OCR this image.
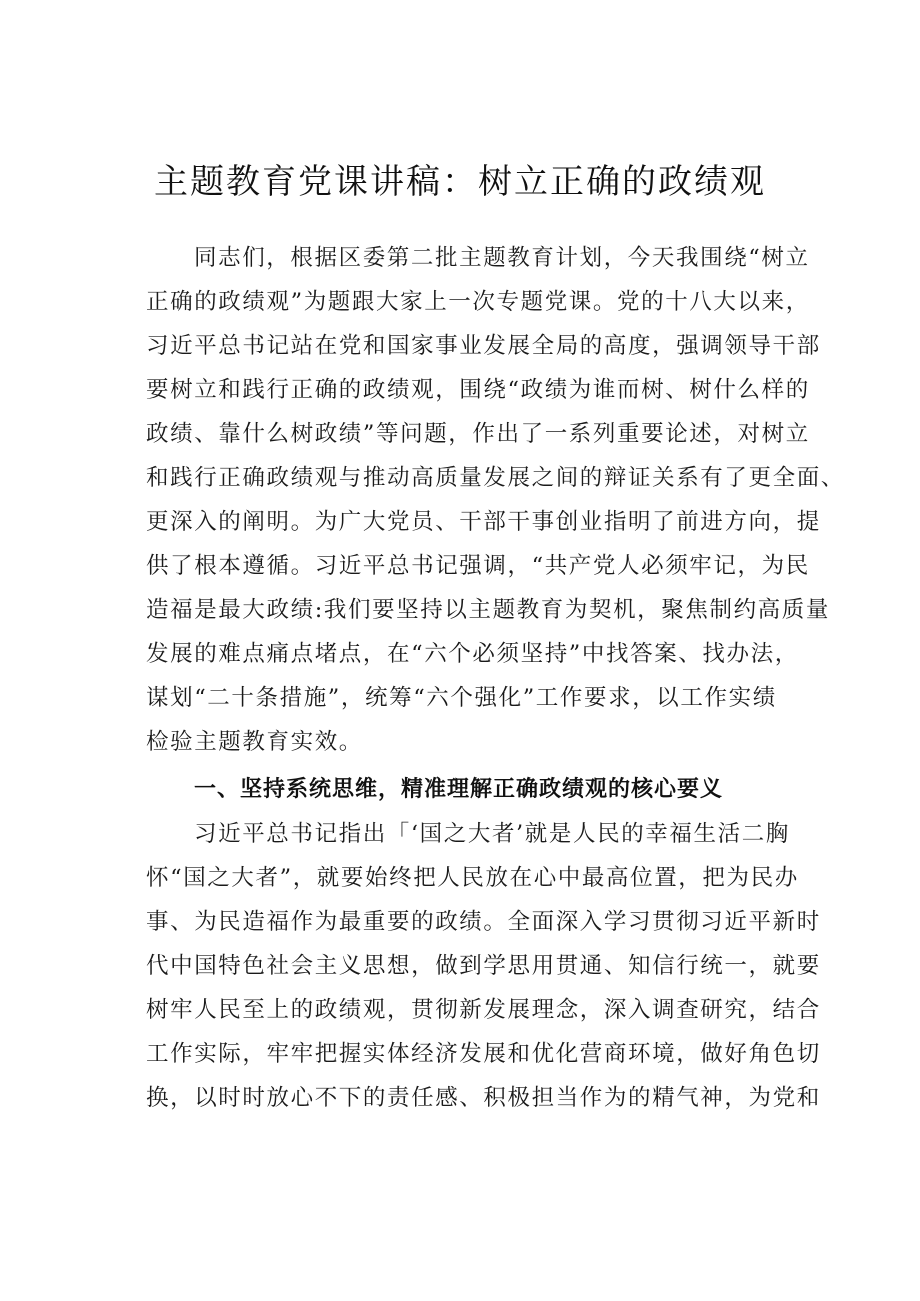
主题教育党课讲稿：树立正确的政绩观
同志们，根据区委第二批主题教育计划，今天我围绕“树立
正确的政绩观”为题跟大家上一次专题党课。党的十八大以来，
习近平总书记站在党和国家事业发展全局的高度，强调领导干部
要树立和践行正确的政绩观，围绕“政绩为谁而树、树什么样的
政绩、靠什么树政绩”等问题，作出了一系列重要论述，对树立
和践行正确政绩观与推动高质量发展之间的辩证关系有了更全面、
更深入的阐明。为广大党员、干部干事创业指明了前进方向，提
供了根本遵循。习近平总书记强调，“共产党人必须牢记，为民
造福是最大政绩:我们要坚持以主题教育为契机，聚焦制约高质量
发展的难点痛点堵点，在“六个必须坚持”中找答案、找办法，
谋划“二十条措施”，统筹“六个强化”工作要求，以工作实绩
检验主题教育实效。
一、坚持系统思维，精准理解正确政绩观的核心要义
习近平总书记指出「‘国之大者’就是人民的幸福生活二胸
怀“国之大者”，就要始终把人民放在心中最高位置，把为民办
事、为民造福作为最重要的政绩。全面深入学习贯彻习近平新时
代中国特色社会主义思想，做到学思用贯通、知信行统一，就要
树牢人民至上的政绩观，贯彻新发展理念，深入调查研究，结合
工作实际，牢牢把握实体经济发展和优化营商环境，做好角色切
换，以时时放心不下的责任感、积极担当作为的精气神，为党和
